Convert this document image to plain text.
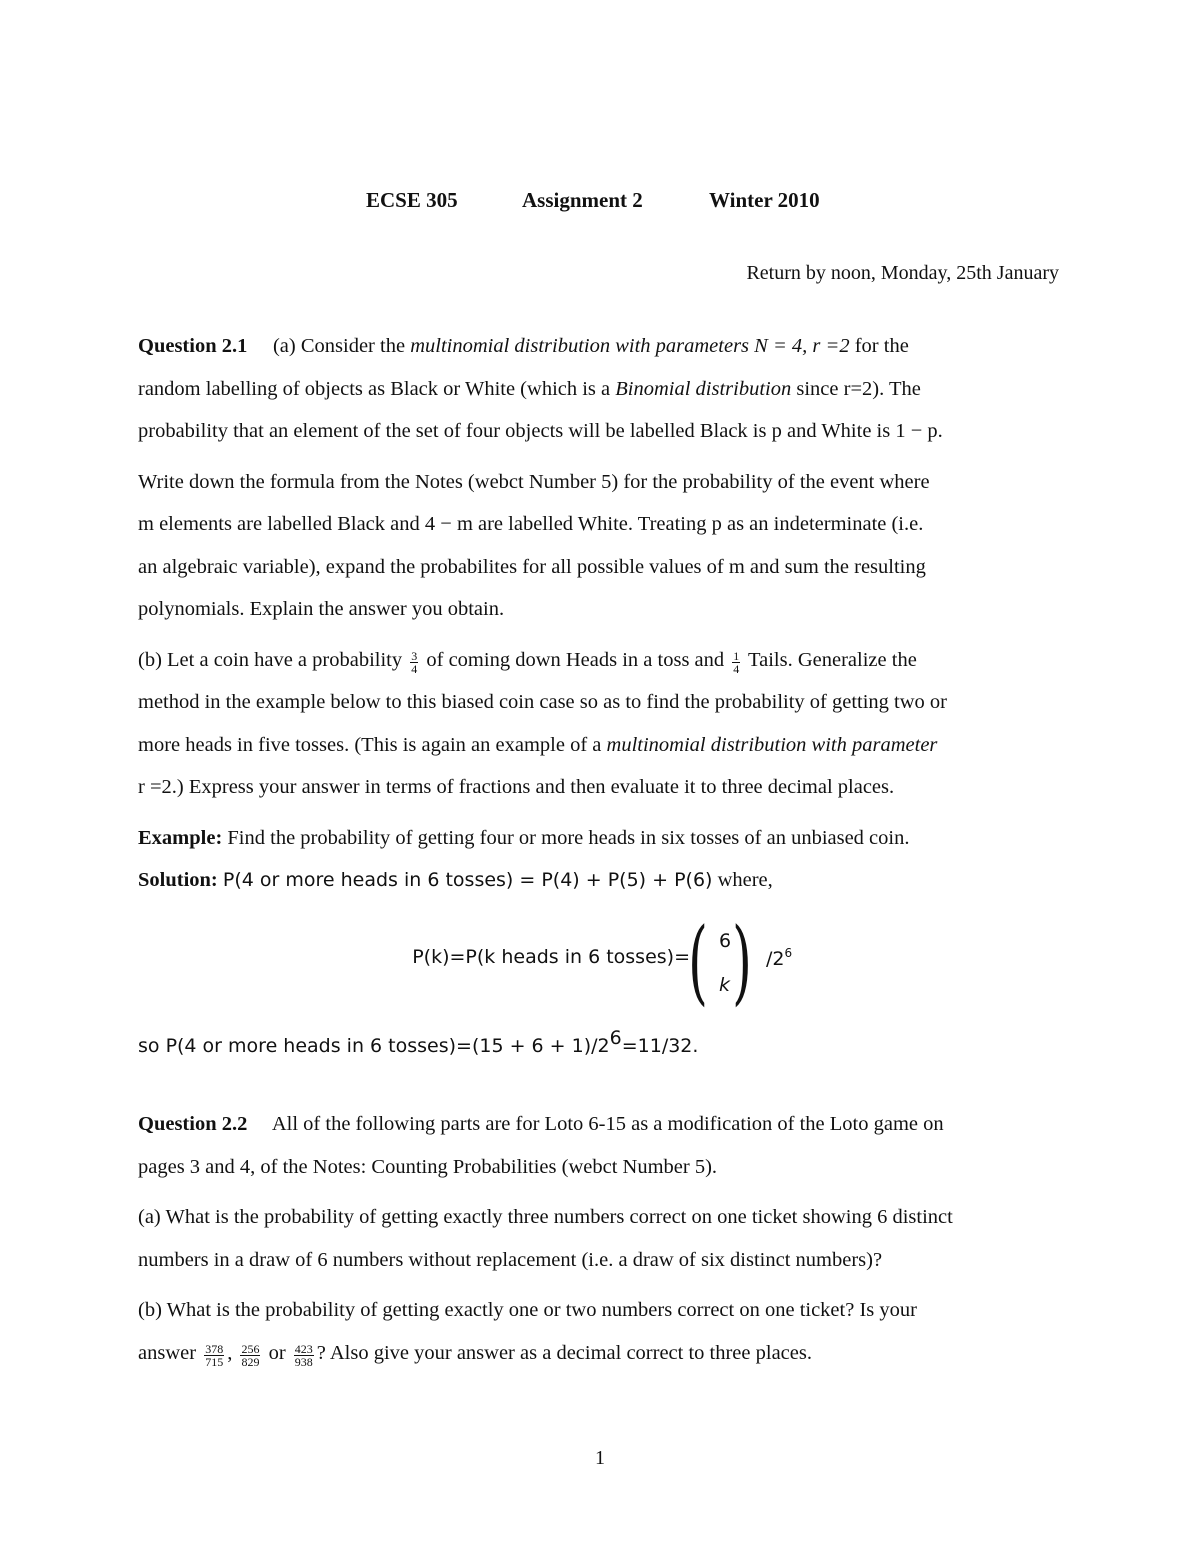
ECSE 305	Assignment 2	Winter 2010
Return by noon, Monday, 25th January

Question 2.1 (a) Consider the multinomial distribution with parameters N = 4, r =2 for the

random labelling of objects as Black or White (which is a Binomial distribution since r=2). The

probability that an element of the set of four objects will be labelled Black is p and White is 1 − p.

Write down the formula from the Notes (webct Number 5) for the probability of the event where

m elements are labelled Black and 4 − m are labelled White. Treating p as an indeterminate (i.e.

an algebraic variable), expand the probabilites for all possible values of m and sum the resulting

polynomials. Explain the answer you obtain.

(b) Let a coin have a probability $\frac{3}{4}$ of coming down Heads in a toss and $\frac{1}{4}$ Tails. Generalize the

method in the example below to this biased coin case so as to find the probability of getting two or

more heads in five tosses. (This is again an example of a multinomial distribution with parameter

r =2.) Express your answer in terms of fractions and then evaluate it to three decimal places.

Example: Find the probability of getting four or more heads in six tosses of an unbiased coin.

Solution: P(4 or more heads in 6 tosses) = P(4) + P(5) + P(6) where,

P(k)=P(k heads in 6 tosses)=
( 6
k ) $/2^6$

so P(4 or more heads in 6 tosses)=(15 + $6 + 1)/2^6=11/32$.

Question 2.2 All of the following parts are for Loto 6-15 as a modification of the Loto game on

pages 3 and 4, of the Notes: Counting Probabilities (webct Number 5).

(a) What is the probability of getting exactly three numbers correct on one ticket showing 6 distinct

numbers in a draw of 6 numbers without replacement (i.e. a draw of six distinct numbers)?

(b) What is the probability of getting exactly one or two numbers correct on one ticket? Is your

answer $\frac{378}{715}$ , $\frac{256}{829}$ or $\frac{423}{938}$ ? Also give your answer as a decimal correct to three places.

1
